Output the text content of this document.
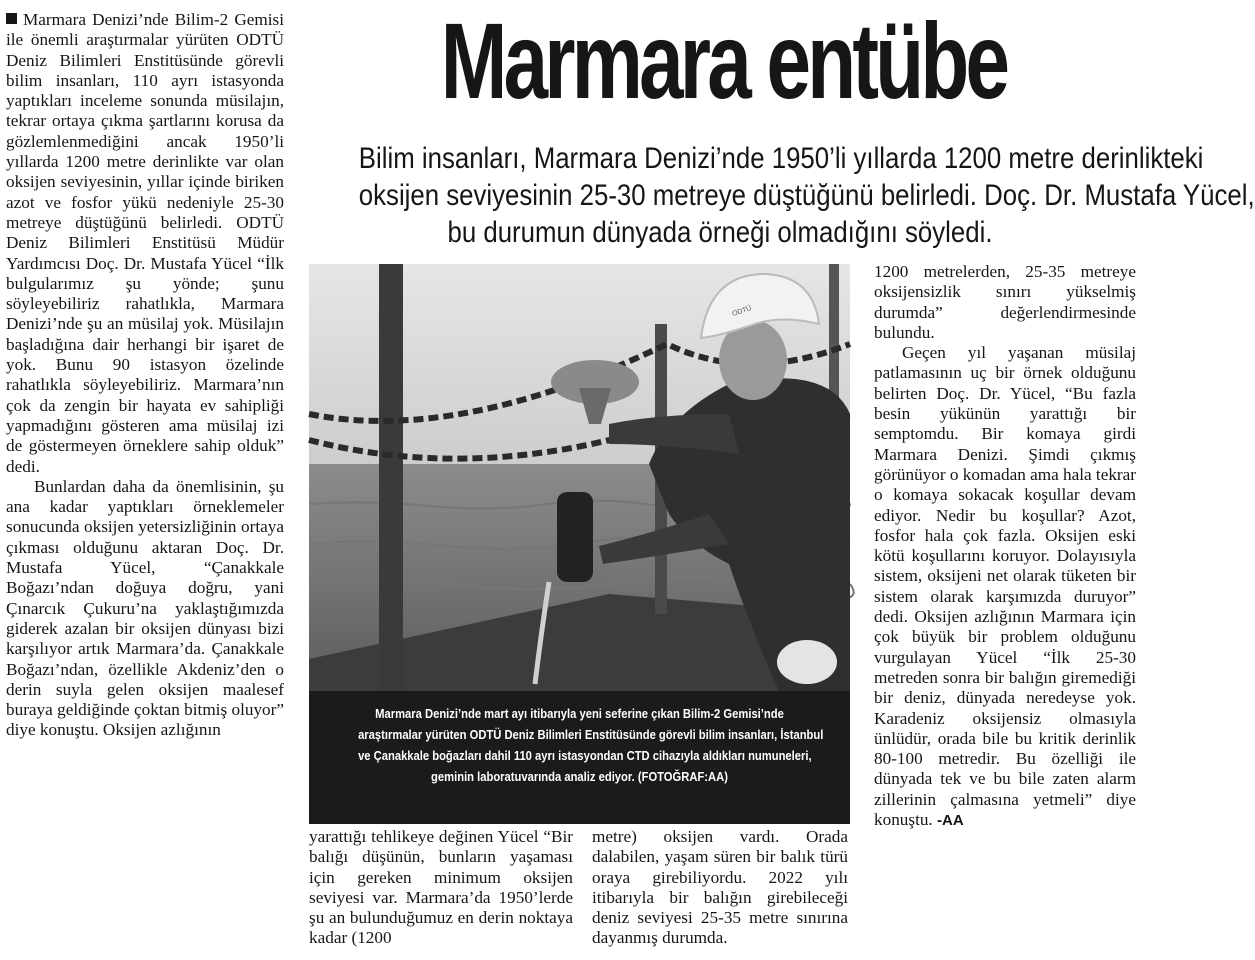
Marmara Denizi’nde Bilim-2 Gemisi ile önemli araştırmalar yürüten ODTÜ Deniz Bilimleri Enstitüsünde görevli bilim insanları, 110 ayrı istasyonda yaptıkları inceleme sonunda müsilajın, tekrar ortaya çıkma şartlarını korusa da gözlemlenmediğini ancak 1950’li yıllarda 1200 metre derinlikte var olan oksijen seviyesinin, yıllar içinde biriken azot ve fosfor yükü nedeniyle 25-30 metreye düştüğünü belirledi. ODTÜ Deniz Bilimleri Enstitüsü Müdür Yardımcısı Doç. Dr. Mustafa Yücel “İlk bulgularımız şu yönde; şunu söyleyebiliriz rahatlıkla, Marmara Denizi’nde şu an müsilaj yok. Müsilajın başladığına dair herhangi bir işaret de yok. Bunu 90 istasyon özelinde rahatlıkla söyleyebiliriz. Marmara’nın çok da zengin bir hayata ev sahipliği yapmadığını gösteren ama müsilaj izi de göstermeyen örneklere sahip olduk” dedi.

Bunlardan daha da önemlisinin, şu ana kadar yaptıkları örneklemeler sonucunda oksijen yetersizliğinin ortaya çıkması olduğunu aktaran Doç. Dr. Mustafa Yücel, “Çanakkale Boğazı’ndan doğuya doğru, yani Çınarcık Çukuru’na yaklaştığımızda giderek azalan bir oksijen dünyası bizi karşılıyor artık Marmara’da. Çanakkale Boğazı’ndan, özellikle Akdeniz’den o derin suyla gelen oksijen maalesef buraya geldiğinde çoktan bitmiş oluyor” diye konuştu. Oksijen azlığının

Marmara entübe
Bilim insanları, Marmara Denizi’nde 1950’li yıllarda 1200 metre derinlikteki
oksijen seviyesinin 25-30 metreye düştüğünü belirledi. Doç. Dr. Mustafa Yücel,
bu durumun dünyada örneği olmadığını söyledi.
ODTÜ
Marmara Denizi’nde mart ayı itibarıyla yeni seferine çıkan Bilim-2 Gemisi’nde
araştırmalar yürüten ODTÜ Deniz Bilimleri Enstitüsünde görevli bilim insanları, İstanbul
ve Çanakkale boğazları dahil 110 ayrı istasyondan CTD cihazıyla aldıkları numuneleri,
geminin laboratuvarında analiz ediyor. (FOTOĞRAF:AA)

yarattığı tehlikeye değinen Yücel “Bir balığı düşünün, bunların yaşaması için gereken minimum oksijen seviyesi var. Marmara’da 1950’lerde şu an bulunduğumuz en derin noktaya kadar (1200

metre) oksijen vardı. Orada dalabilen, yaşam süren bir balık türü oraya girebiliyordu. 2022 yılı itibarıyla bir balığın girebileceği deniz seviyesi 25-35 metre sınırına dayanmış durumda.

1200 metrelerden, 25-35 metreye oksijensizlik sınırı yükselmiş durumda” değerlendirmesinde bulundu.

Geçen yıl yaşanan müsilaj patlamasının uç bir örnek olduğunu belirten Doç. Dr. Yücel, “Bu fazla besin yükünün yarattığı bir semptomdu. Bir komaya girdi Marmara Denizi. Şimdi çıkmış görünüyor o komadan ama hala tekrar o komaya sokacak koşullar devam ediyor. Nedir bu koşullar? Azot, fosfor hala çok fazla. Oksijen eski kötü koşullarını koruyor. Dolayısıyla sistem, oksijeni net olarak tüketen bir sistem olarak karşımızda duruyor” dedi. Oksijen azlığının Marmara için çok büyük bir problem olduğunu vurgulayan Yücel “İlk 25-30 metreden sonra bir balığın giremediği bir deniz, dünyada neredeyse yok. Karadeniz oksijensiz olmasıyla ünlüdür, orada bile bu kritik derinlik 80-100 metredir. Bu özelliği ile dünyada tek ve bu bile zaten alarm zillerinin çalmasına yetmeli” diye konuştu. -AA
